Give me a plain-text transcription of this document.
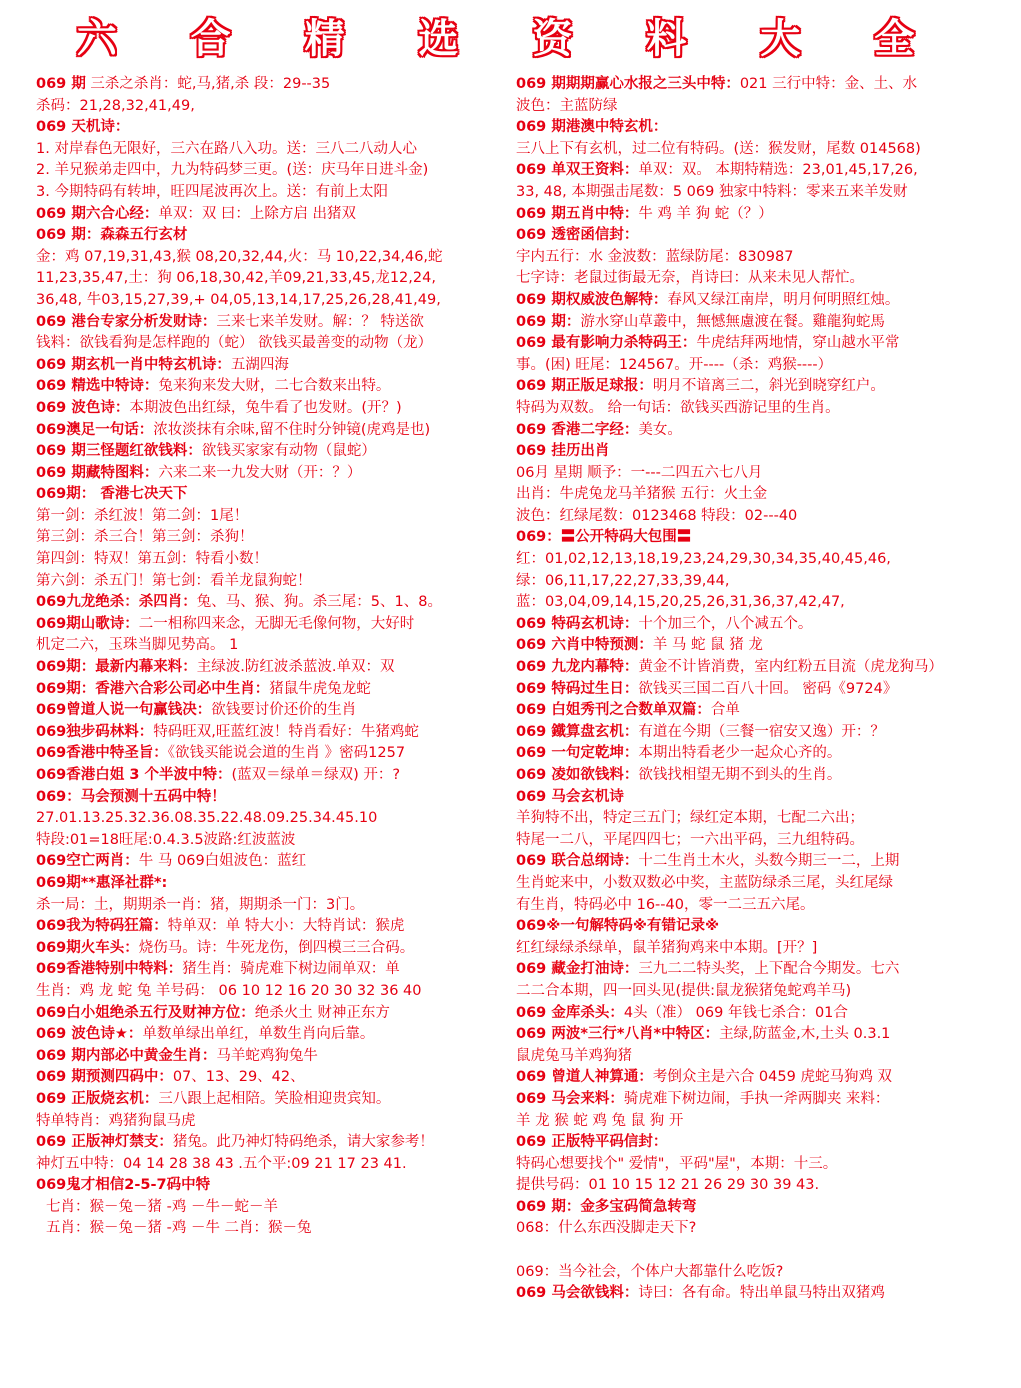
六 合 精 选 资 料 大 全
069 期 三杀之杀肖：蛇,马,猪,杀 段：29--35
杀码：21,28,32,41,49,
069 天机诗：
1. 对岸春色无限好，三六在路八入功。送：三八二八动人心
2. 羊兄猴弟走四中，九为特码梦三更。(送：庆马年日进斗金)
3. 今期特码有转坤，旺四尾波再次上。送：有前上太阳
069 期六合心经：单双：双 曰：上除方启 出猪双
069 期：森森五行玄材
金：鸡 07,19,31,43,猴 08,20,32,44,火：马 10,22,34,46,蛇
11,23,35,47,土：狗 06,18,30,42,羊09,21,33,45,龙12,24,
36,48, 牛03,15,27,39,+ 04,05,13,14,17,25,26,28,41,49,
069 港台专家分析发财诗：三来七来羊发财。解：？ 特送欲
钱料：欲钱看狗是怎样跑的（蛇） 欲钱买最善变的动物（龙）
069 期玄机一肖中特玄机诗：五湖四海
069 精选中特诗：兔来狗来发大财，二七合数来出特。
069 波色诗：本期波色出红绿，兔牛看了也发财。(开？)
069澳足一句话：浓妆淡抹有余味,留不住时分钟镜(虎鸡是也)
069 期三怪题红欲钱料：欲钱买家家有动物（鼠蛇）
069 期藏特图料：六来二来一九发大财（开：？）
069期： 香港七决天下
第一剑：杀红波！第二剑：1尾！
第三剑：杀三合！第三剑：杀狗！
第四剑：特双！第五剑：特看小数！
第六剑：杀五门！第七剑：看羊龙鼠狗蛇！
069九龙绝杀：杀四肖：兔、马、猴、狗。杀三尾：5、1、8。
069期山歌诗：二一相称四来念，无脚无毛像何物，大好时
机定二六，玉珠当脚见势高。 1
069期：最新内幕来料：主绿波.防红波杀蓝波.单双：双
069期：香港六合彩公司必中生肖：猪鼠牛虎兔龙蛇
069曾道人说一句赢钱决：欲钱要讨价还价的生肖
069独步码林料：特码旺双,旺蓝红波！特肖看好：牛猪鸡蛇
069香港中特圣旨：《欲钱买能说会道的生肖 》密码1257
069香港白姐 3 个半波中特：(蓝双＝绿单＝绿双) 开：?
069：马会预测十五码中特！
27.01.13.25.32.36.08.35.22.48.09.25.34.45.10
特段:01=18旺尾:0.4.3.5波路:红波蓝波
069空亡两肖：牛 马 069白姐波色：蓝红
069期**惠泽社群*:
杀一局：土，期期杀一肖：猪，期期杀一门：3门。
069我为特码狂篇：特单双：单 特大小：大特肖试：猴虎
069期火车头：烧伤马。诗：牛死龙伤，倒四模三三合码。
069香港特别中特料：猪生肖：骑虎难下树边闹单双：单
生肖：鸡 龙 蛇 兔 羊号码： 06 10 12 16 20 30 32 36 40
069白小姐绝杀五行及财神方位：绝杀火土 财神正东方
069 波色诗★：单数单绿出单红，单数生肖向后靠。
069 期内部必中黄金生肖：马羊蛇鸡狗兔牛
069 期预测四码中：07、13、29、42、
069 正版烧玄机：三八跟上起相陪。笑脸相迎贵宾知。
特单特肖：鸡猪狗鼠马虎
069 正版神灯禁支：猪兔。此乃神灯特码绝杀，请大家参考！
神灯五中特：04 14 28 38 43 .五个平:09 21 17 23 41.
069鬼才相信2-5-7码中特
七肖：猴－兔－猪 -鸡 －牛－蛇－羊
五肖：猴－兔－猪 -鸡 －牛 二肖：猴－兔
069 期期期赢心水报之三头中特：021 三行中特：金、土、水
波色：主蓝防绿
069 期港澳中特玄机：
三八上下有玄机，过二位有特码。(送：猴发财，尾数 014568)
069 单双王资料：单双：双。 本期特精选：23,01,45,17,26,
33, 48, 本期强击尾数：5 069 独家中特料：零来五来羊发财
069 期五肖中特：牛 鸡 羊 狗 蛇（？）
069 透密函信封：
宇内五行：水 金波数：蓝绿防尾：830987
七字诗：老鼠过街最无奈，肖诗曰：从来未见人帮忙。
069 期权威波色解特：春风又绿江南岸，明月何明照红烛。
069 期：游水穿山草叢中，無憾無慮渡在餐。雞龍狗蛇馬
069 最有影响力杀特码王：牛虎结拜两地情，穿山越水平常
事。(困) 旺尾：124567。开----（杀：鸡猴----）
069 期正版足球报：明月不谙离三二，斜光到晓穿红户。
特码为双数。 给一句话：欲钱买西游记里的生肖。
069 香港二字经：美女。
069 挂历出肖
06月 星期 顺予：一---二四五六七八月
出肖：牛虎兔龙马羊猪猴 五行：火土金
波色：红绿尾数：0123468 特段：02---40
069：〓公开特码大包围〓
红：01,02,12,13,18,19,23,24,29,30,34,35,40,45,46,
绿：06,11,17,22,27,33,39,44,
蓝：03,04,09,14,15,20,25,26,31,36,37,42,47,
069 特码玄机诗：十个加三个，八个减五个。
069 六肖中特预测：羊 马 蛇 鼠 猪 龙
069 九龙内幕特：黄金不计皆消费，室内红粉五目流（虎龙狗马）
069 特码过生日：欲钱买三国二百八十回。 密码《9724》
069 白姐秀刊之合数单双篇：合单
069 鐵算盘玄机：有道在今期（三餐一宿安又逸）开：？
069 一句定乾坤：本期出特看老少一起众心齐的。
069 凌如欲钱料：欲钱找相望无期不到头的生肖。
069 马会玄机诗
羊狗特不出，特定三五门；绿红定本期，七配二六出；
特尾一二八，平尾四四七；一六出平码，三九组特码。
069 联合总纲诗：十二生肖土木火，头数今期三一二，上期
生肖蛇来中，小数双数必中奖，主蓝防绿杀三尾，头红尾绿
有生肖，特码必中 16--40，零一二三五六尾。
069※一句解特码※有错记录※
红红绿绿杀绿单，鼠羊猪狗鸡来中本期。[开？]
069 藏金打油诗：三九二二特头奖，上下配合今期发。七六
二二合本期，四一回头见(提供:鼠龙猴猪兔蛇鸡羊马)
069 金库杀头：4头（准） 069 年钱七杀合：01合
069 两波*三行*八肖*中特区：主绿,防蓝金,木,土头 0.3.1
鼠虎兔马羊鸡狗猪
069 曾道人神算通：考倒众主是六合 0459 虎蛇马狗鸡 双
069 马会来料：骑虎难下树边闹，手执一斧两脚夹 来料：
羊 龙 猴 蛇 鸡 兔 鼠 狗 开
069 正版特平码信封：
特码心想要找个" 爱情"，平码"屋"，本期：十三。
提供号码：01 10 15 12 21 26 29 30 39 43.
069 期：金多宝码简急转弯
068：什么东西没脚走天下?
069：当今社会，个体户大都靠什么吃饭?
069 马会欲钱料：诗曰：各有命。特出单鼠马特出双猪鸡
